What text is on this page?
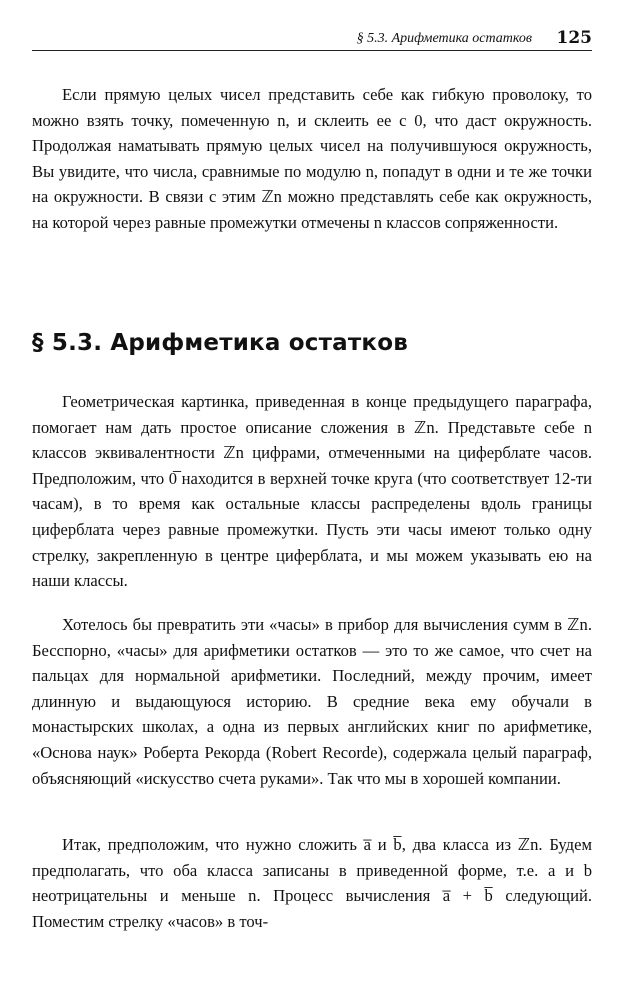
§ 5.3. Арифметика остатков 125

Если прямую целых чисел представить себе как гибкую проволоку, то можно взять точку, помеченную n, и склеить ее с 0, что даст окружность. Продолжая наматывать прямую целых чисел на получившуюся окружность, Вы увидите, что числа, сравнимые по модулю n, попадут в одни и те же точки на окружности. В связи с этим ℤn можно представлять себе как окружность, на которой через равные промежутки отмечены n классов сопряженности.

§ 5.3. Арифметика остатков

Геометрическая картинка, приведенная в конце предыдущего параграфа, помогает нам дать простое описание сложения в ℤn. Представьте себе n классов эквивалентности ℤn цифрами, отмеченными на циферблате часов. Предположим, что 0̅ находится в верхней точке круга (что соответствует 12-ти часам), в то время как остальные классы распределены вдоль границы циферблата через равные промежутки. Пусть эти часы имеют только одну стрелку, закрепленную в центре циферблата, и мы можем указывать ею на наши классы.

Хотелось бы превратить эти «часы» в прибор для вычисления сумм в ℤn. Бесспорно, «часы» для арифметики остатков — это то же самое, что счет на пальцах для нормальной арифметики. Последний, между прочим, имеет длинную и выдающуюся историю. В средние века ему обучали в монастырских школах, а одна из первых английских книг по арифметике, «Основа наук» Роберта Рекорда (Robert Recorde), содержала целый параграф, объясняющий «искусство счета руками». Так что мы в хорошей компании.

Итак, предположим, что нужно сложить a̅ и b̅, два класса из ℤn. Будем предполагать, что оба класса записаны в приведенной форме, т.е. a и b неотрицательны и меньше n. Процесс вычисления a̅ + b̅ следующий. Поместим стрелку «часов» в точ-
